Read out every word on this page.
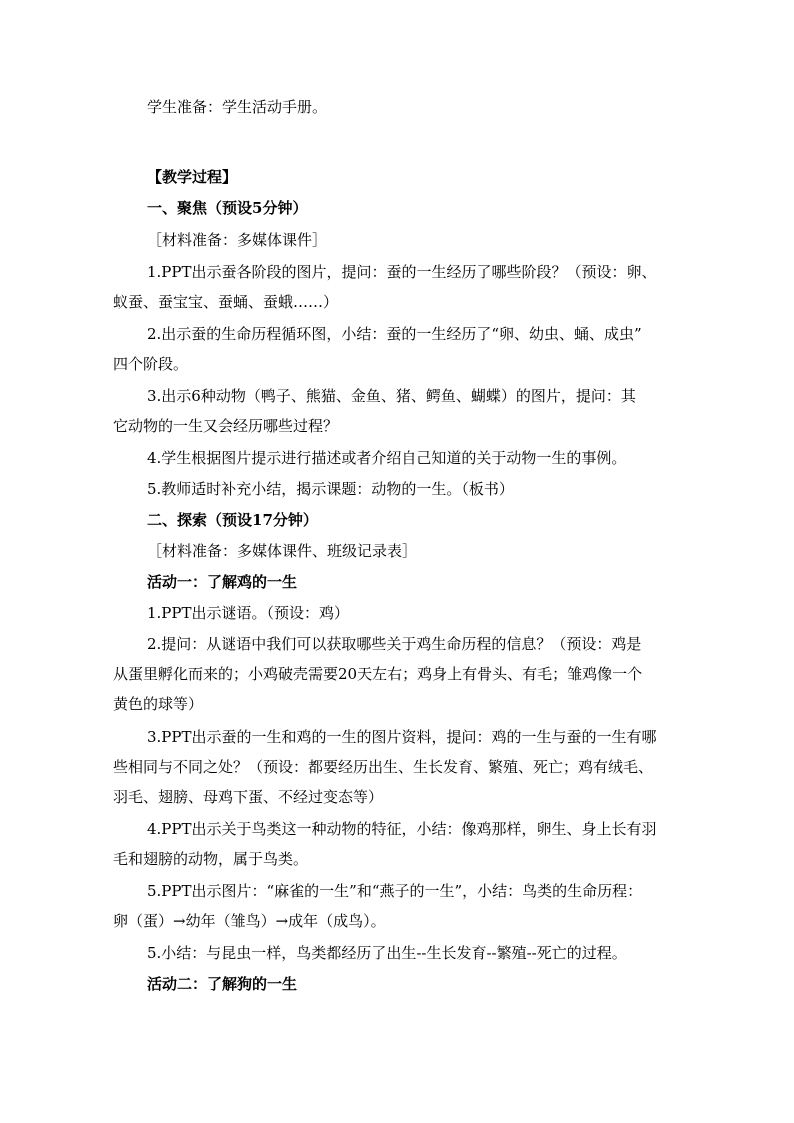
学生准备：学生活动手册。
【教学过程】
一、聚焦（预设5分钟）
［材料准备：多媒体课件］
1.PPT出示蚕各阶段的图片，提问：蚕的一生经历了哪些阶段？（预设：卵、
蚁蚕、蚕宝宝、蚕蛹、蚕蛾……）
2.出示蚕的生命历程循环图，小结：蚕的一生经历了“卵、幼虫、蛹、成虫”
四个阶段。
3.出示6种动物（鸭子、熊猫、金鱼、猪、鳄鱼、蝴蝶）的图片，提问：其
它动物的一生又会经历哪些过程？
4.学生根据图片提示进行描述或者介绍自己知道的关于动物一生的事例。
5.教师适时补充小结，揭示课题：动物的一生。（板书）
二、探索（预设17分钟）
［材料准备：多媒体课件、班级记录表］
活动一：了解鸡的一生
1.PPT出示谜语。（预设：鸡）
2.提问：从谜语中我们可以获取哪些关于鸡生命历程的信息？（预设：鸡是
从蛋里孵化而来的；小鸡破壳需要20天左右；鸡身上有骨头、有毛；雏鸡像一个
黄色的球等）
3.PPT出示蚕的一生和鸡的一生的图片资料，提问：鸡的一生与蚕的一生有哪
些相同与不同之处？（预设：都要经历出生、生长发育、繁殖、死亡；鸡有绒毛、
羽毛、翅膀、母鸡下蛋、不经过变态等）
4.PPT出示关于鸟类这一种动物的特征，小结：像鸡那样，卵生、身上长有羽
毛和翅膀的动物，属于鸟类。
5.PPT出示图片：“麻雀的一生”和“燕子的一生”，小结：鸟类的生命历程：
卵（蛋）→幼年（雏鸟）→成年（成鸟）。
5.小结：与昆虫一样，鸟类都经历了出生--生长发育--繁殖--死亡的过程。
活动二：了解狗的一生
